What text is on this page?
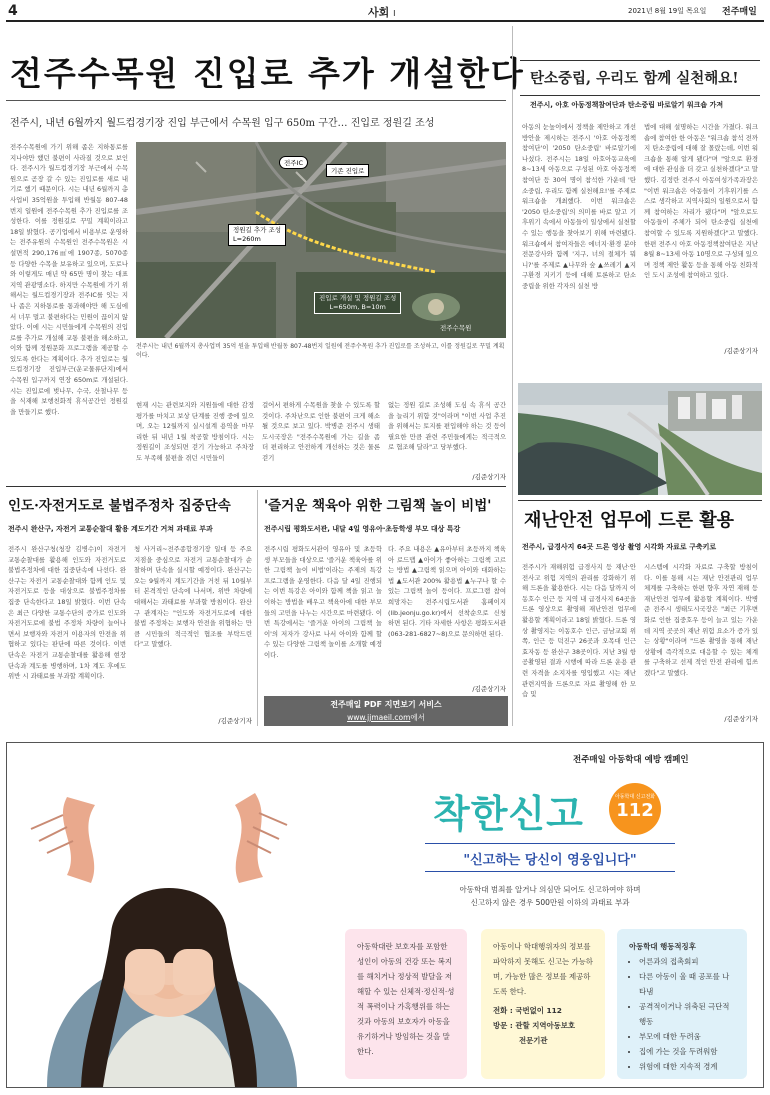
4	사회 I	2021년 8월 19일 목요일 전주매일
전주수목원 진입로 추가 개설한다
전주시, 내년 6월까지 월드컵경기장 진입 부근에서 수목원 입구 650m 구간… 진입로 정원길 조성
전주수목원에 가기 위해 좁은 지하통로를 지나야만 했던 불편이 사라질 것으로 보인다. 전주시가 월드컵경기장 부근에서 수목원으로 곧장 갈 수 있는 진입로를 새로 내기로 했기 때문이다. 시는 내년 6월까지 총사업비 35억원을 투입해 반월동 807-48번지 일원에 전주수목원 추가 진입로를 조성한다. 이를 정원길로 꾸밀 계획이라고 18일 밝혔다. 공기업에서 비용부로 운영하는 전주유원의 수목원인 전주수목원은 시설면적 290,176㎡에 1907종, 5070종 등 다양한 수목을 보유하고 있으며, 도로나와 이렇게도 매년 약 65만 명이 찾는 대표 지역 관광명소다. 하지만 수목원에 가기 위해서는 월드컵경기장과 전주IC를 잇는 지나 좁은 지하통로를 통과해야만 해 도심에서 너무 멀고 불편하다는 민원이 끊이지 않았다. 이에 시는 시민들에게 수목원의 진입로를 추가로 개설해 교통 불편을 해소하고, 이와 함께 정원문화 프로그램을 제공할 수 있도록 한다는 계획이다. 추가 진입로는 월드컵경기장 진입부근(운교물류단지)에서 수목원 입구까지 연장 650m로 개설된다. 시는 진입로에 벚나무, 수국, 산철나무 등을 식재해 보행친화적 휴식공간인 정원길을 만들기로 했다.
전주IC
기존 진입로
정원길 추가 조성
L=260m
진입로 개설 및 정원길 조성
L=650m, B=10m
전주수목원
전주시는 내년 6월까지 총사업비 35억 원을 투입해 반월동 807-48번지 일원에 전주수목원 추가 진입로를 조성하고, 이를 정원길로 꾸밀 계획이다.
현재 시는 관련보지와 지원들에 대한 감정평가를 마치고 보상 단계를 진행 중에 있으며, 오는 12월까지 실시설계 용역을 마무리한 뒤 내년 1월 착공할 방침이다. 시는 정원길이 조성되면 걷기 가능하고 주차장도 부족해 불편을 겪던 시민들이
걸어서 편하게 수목원을 찾을 수 있도록 할 것이다. 주차난으로 인한 불편이 크게 해소될 것으로 보고 있다. 박병준 전주시 생태도시국장은 "전주수목원에 가는 길을 좀 더 편리하고 안전하게 개선하는 것은 물론 걷기
없는 정원 길로 조성해 도심 속 휴식 공간을 늘리기 위함 것"이라며 "이번 사업 추진을 위해서는 토지를 편입해야 하는 것 등이 필요한 만큼 관련 주민들에게는 적극적으로 협조해 달라"고 당부했다.
/김준상기자
탄소중립, 우리도 함께 실천해요!
전주시, 아호 아동정책참여단과 탄소중립 바로알기 워크숍 가져
아동의 눈높이에서 정책을 제안하고 개선방안을 제시하는 전주시 '아호 아동정책참여단'이 '2050 탄소중립' 바로알기에 나섰다. 전주시는 18일 아호아동교육에 8~13세 아동으로 구성된 아호 아동정책참여단 등 30여 명이 참석한 가운데 '탄소중립, 우리도 함께 실천해요!'를 주제로 워크숍을 개최했다. 이번 워크숍은 '2050 탄소중립'의 의미를 바로 알고 기후위기 속에서 아동들이 일상에서 실천할 수 있는 행동을 찾아보기 위해 마련됐다. 워크숍에서 참여자들은 에너지·환경 분야 전문강사와 함께 '지구, 너의 절체가 뭐니?'를 주제로 ▲나무와 숲 ▲쓰레기 ▲지구환경 지키기 등에 대해 토론하고 탄소중립을 위한 각자의 실천 방
법에 대해 설명하는 시간을 가졌다. 워크숍에 참여한 한 아동은 "워크숍 참석 전까지 탄소중립에 대해 잘 몰랐는데, 이번 워크숍을 통해 알게 됐다"며 "앞으로 환경에 대한 관심을 더 갖고 실천하겠다"고 말했다. 김정란 전주시 아동여성가족과장은 "이번 워크숍은 아동들이 기후위기를 스스로 생각하고 지역사회의 일원으로서 함께 참여하는 자리가 됐다"며 "앞으로도 아동들이 주체가 되어 탄소중립 실천에 참여할 수 있도록 지원하겠다"고 말했다. 한편 전주시 아호 아동정책참여단은 지난 8월 8~13세 아동 10명으로 구성돼 있으며 정책 제안 활동 등을 통해 아동 친화적인 도시 조성에 참여하고 있다.
/김준상기자
재난안전 업무에 드론 활용
전주시, 급경사지 64곳 드론 영상 촬영 시각화 자료로 구축키로
전주시가 재해위험 급경사지 등 재난·안전사고 위험 지역의 관리를 강화하기 위해 드론을 활용한다. 시는 다음 달까지 이동호수 인근 등 지역 내 급경사지 64곳을 드론 영상으로 촬영해 재난안전 업무에 활용할 계획이라고 18일 밝혔다. 드론 영상 촬영지는 이동호수 인근, 금남교회 위쪽, 인근 등 덕진구 26곳과 오목대 인근 효자동 등 완산구 38곳이다. 지난 3월 항공촬영된 결과 시행에 따라 드론 운용 관련 자격을 소지자를 영입했고 시는 재난 관련지역을 드론으로 자료 촬영해 한 모습 및
시스템에 시각화 자료로 구축할 방침이다. 이를 통해 시는 재난 안전관리 업무 체계를 구축하는 한편 향후 자연 재해 등 재난안전 업무에 활용할 계획이다. 박병준 전주시 생태도시국장은 "최근 기후변화로 인한 집중호우 등이 늘고 있는 가운데 지역 곳곳의 재난 위험 요소가 증가 있는 상황"이라며 "드론 촬영을 통해 재난상황에 즉각적으로 대응할 수 있는 체계를 구축하고 선제 적인 안전 관리에 힘쓰겠다"고 말했다.
/김준상기자
인도·자전거도로 불법주정차 집중단속
전주시 완산구, 자전거 교통순찰대 활용 계도기간 거쳐 과태료 부과
전주시 완산구청(청장 김병수)이 자전거 교통순찰대를 활용해 인도와 자전거도로 불법주정차에 대한 집중단속에 나선다. 완산구는 자전거 교통순찰대와 함께 인도 및 자전거도로 등을 대상으로 불법주정차를 집중 단속한다고 18일 밝혔다. 이번 단속은 최근 다양한 교통수단의 증가로 인도와 자전거도로에 불법 주정차 차량이 늘어나면서 보행자와 자전거 이용자의 안전을 위협하고 있다는 판단에 따른 것이다. 이번 단속은 자전거 교통순찰대를 활용해 현장 단속과 계도를 병행하며, 1차 계도 후에도 위반 시 과태료를 부과할 계획이다.
청 사거리~전주종합경기장 일대 등 주요 지점을 중심으로 자전거 교통순찰대가 순찰하며 단속을 실시할 예정이다. 완산구는 오는 9월까지 계도기간을 거친 뒤 10월부터 본격적인 단속에 나서며, 위반 차량에 대해서는 과태료를 부과할 방침이다. 완산구 관계자는 "인도와 자전거도로에 대한 불법 주정차는 보행자 안전을 위협하는 만큼 시민들의 적극적인 협조를 부탁드린다"고 말했다.
/김준상기자
'즐거운 책육아 위한 그림책 놀이 비법'
전주시립 평화도서관, 내달 4일 영유아·초등학생 부모 대상 특강
전주시립 평화도서관이 영유아 및 초등학생 부모들을 대상으로 '즐거운 책육아를 위한 그림책 놀이 비법'이라는 주제의 특강 프로그램을 운영한다. 다음 달 4일 진행되는 이번 특강은 아이와 함께 책을 읽고 놀이하는 방법을 배우고 책육아에 대한 부모들의 고민을 나누는 시간으로 마련됐다. 이번 특강에서는 '즐거운 아이의 그림책 놀이'의 저자가 강사로 나서 아이와 함께 할 수 있는 다양한 그림책 놀이를 소개할 예정이다.
다. 주요 내용은 ▲유아부터 초등까지 책육아 로드맵 ▲아이가 좋아하는 그림책 고르는 방법 ▲그림책 읽으며 아이와 대화하는 법 ▲도서관 200% 활용법 ▲누구나 할 수 있는 그림책 놀이 등이다. 프로그램 참여 희망자는 전주시립도서관 홈페이지(lib.jeonju.go.kr)에서 선착순으로 신청하면 된다. 기타 자세한 사항은 평화도서관(063-281-6827~8)으로 문의하면 된다.
/김준상기자
전주매일 PDF 지면보기 서비스
www.jjmaeil.com에서
전주매일 아동학대 예방 캠페인
착한신고	아동학대 신고전화
112
"신고하는 당신이 영웅입니다"
아동학대 범죄를 알거나 의심만 되어도 신고하여야 하며
신고하지 않은 경우 500만원 이하의 과태료 부과
아동학대란 보호자를 포함한 성인이 아동의 건강 또는 복지를 해치거나 정상적 발달을 저해할 수 있는 신체적·정신적·성적 폭력이나 가혹행위를 하는 것과 아동의 보호자가 아동을 유기하거나 방임하는 것을 말한다.
아동이나 학대행위자의 정보를 파악하지 못해도 신고는 가능하며, 가능한 많은 정보를 제공하도록 한다.
전화 : 국번없이 112
방문 : 관할 지역아동보호
전문기관
아동학대 행동적징후
• 어른과의 접촉회피
• 다른 아동이 울 때 공포를 나타냄
• 공격적이거나 위축된 극단적 행동
• 부모에 대한 두려움
• 집에 가는 것을 두려워함
• 위험에 대한 지속적 경계
